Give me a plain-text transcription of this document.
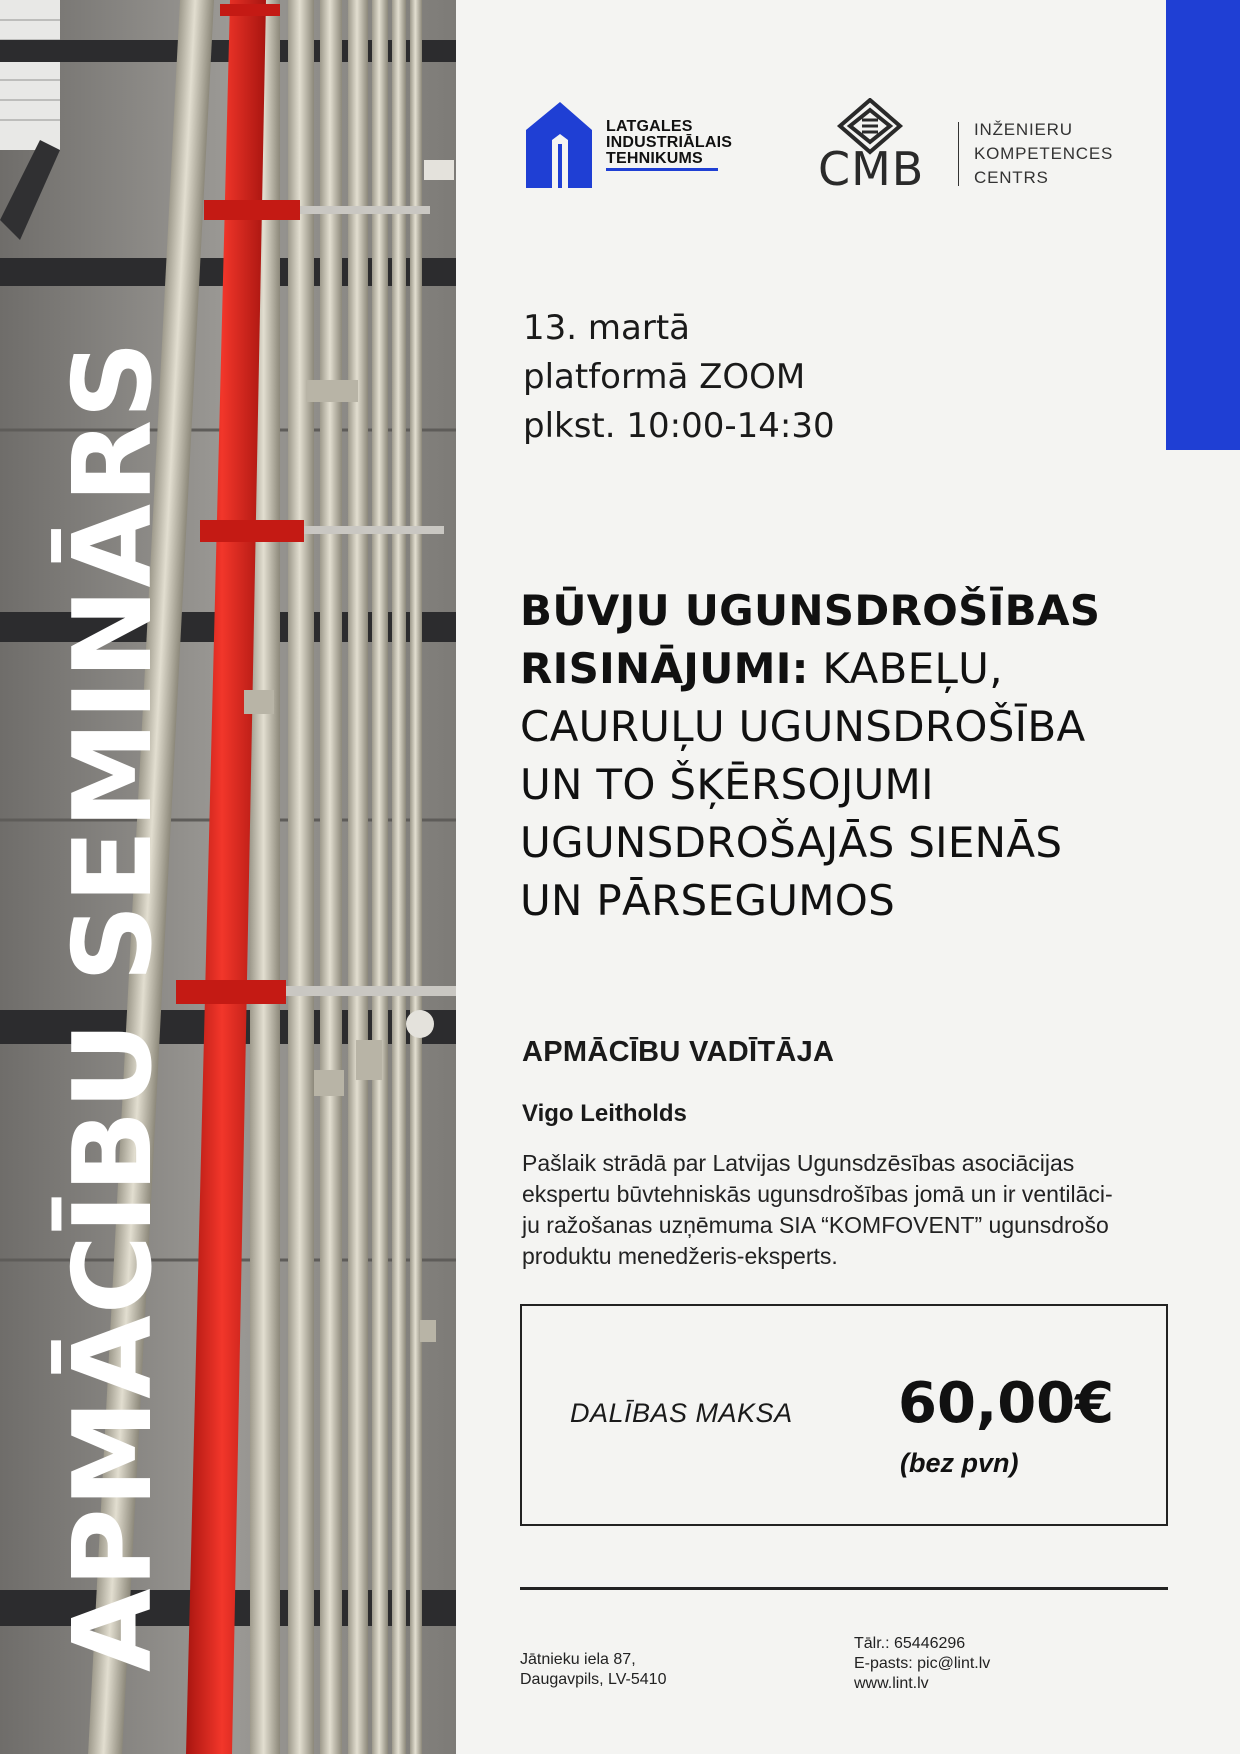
APMĀCĪBU SEMINĀRS
LATGALES
INDUSTRIĀLAIS
TEHNIKUMS	CMB
INŽENIERU
KOMPETENCES
CENTRS
13. martā
platformā ZOOM
plkst. 10:00-14:30
BŪVJU UGUNSDROŠĪBAS
RISINĀJUMI: KABEĻU,
CAURUĻU UGUNSDROŠĪBA
UN TO ŠĶĒRSOJUMI
UGUNSDROŠAJĀS SIENĀS
UN PĀRSEGUMOS
APMĀCĪBU VADĪTĀJA
Vigo Leitholds
Pašlaik strādā par Latvijas Ugunsdzēsības asociācijas
ekspertu būvtehniskās ugunsdrošības jomā un ir ventilāci-
ju ražošanas uzņēmuma SIA “KOMFOVENT” ugunsdrošo
produktu menedžeris-eksperts.
DALĪBAS MAKSA 60,00€
(bez pvn)
Jātnieku iela 87,
Daugavpils, LV-5410
Tālr.: 65446296
E-pasts: pic@lint.lv
www.lint.lv
